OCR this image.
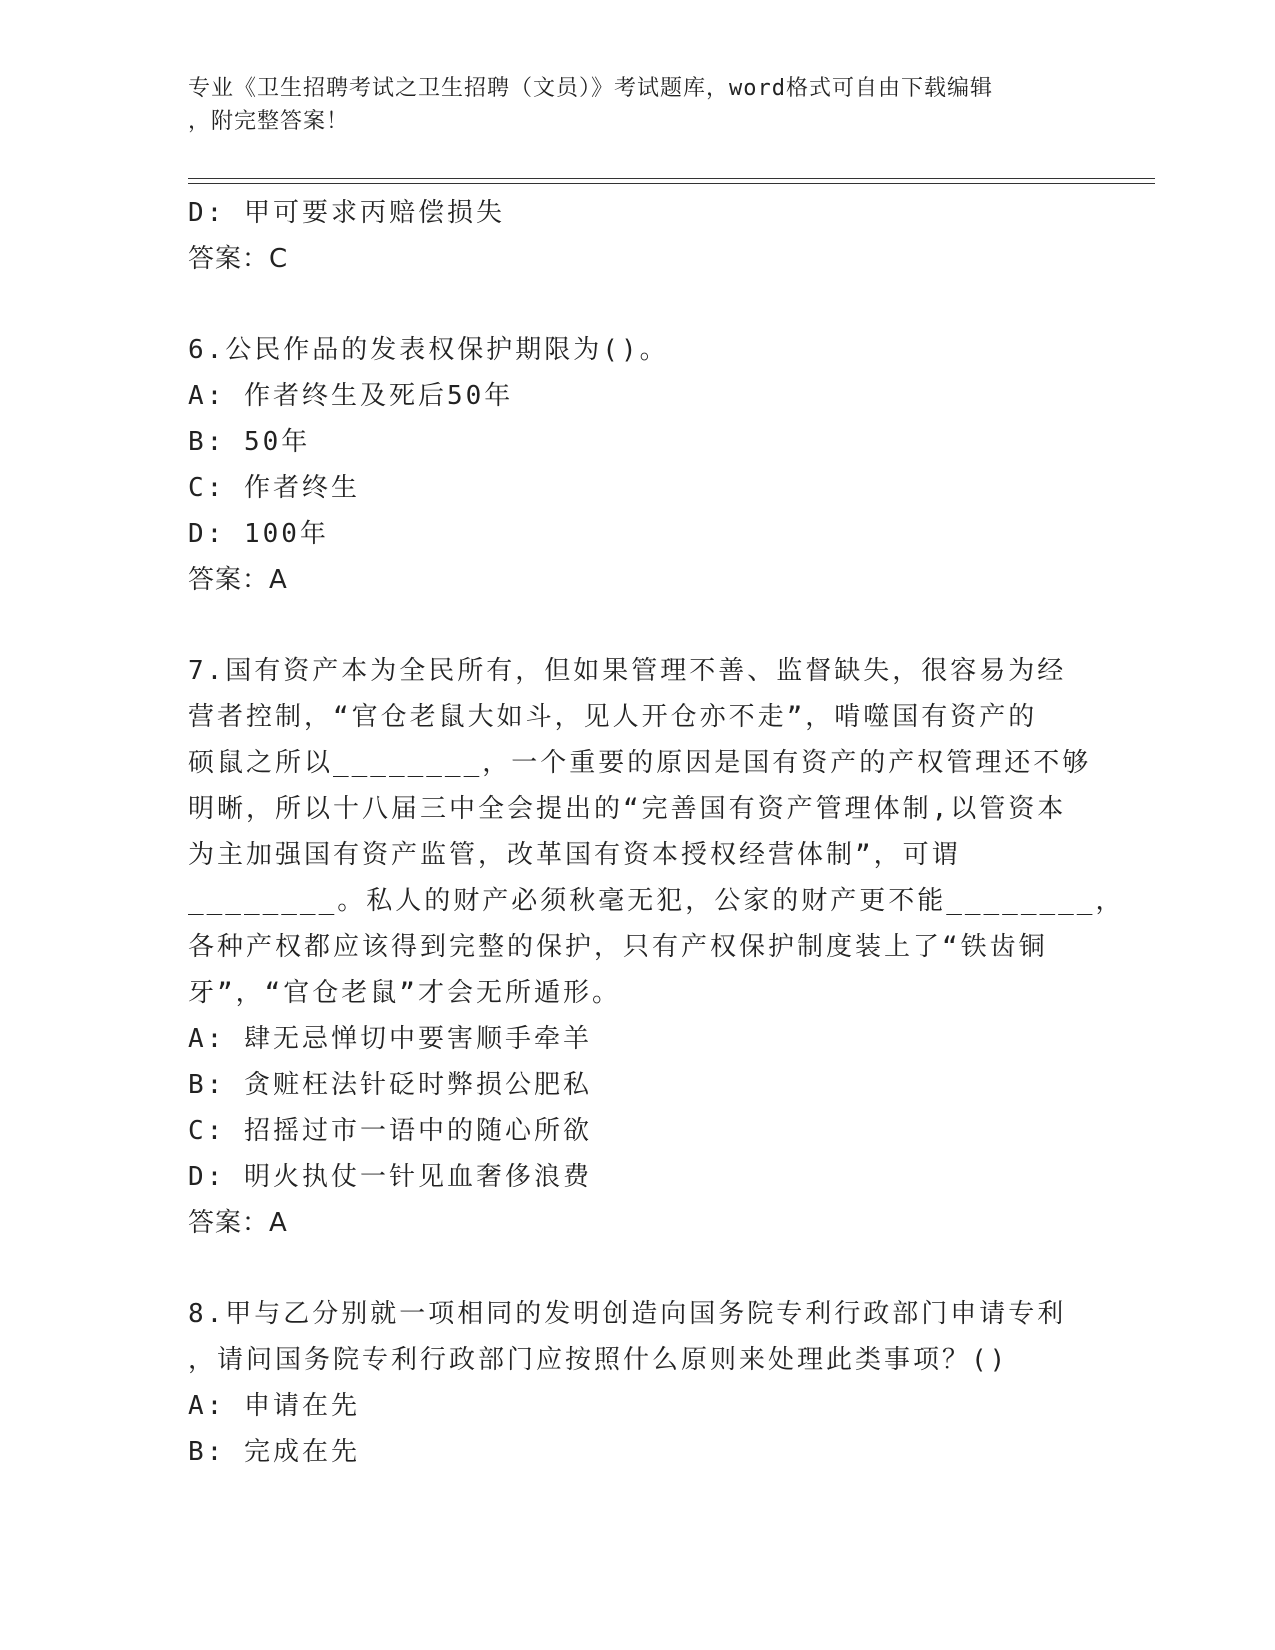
专业《卫生招聘考试之卫生招聘（文员）》考试题库，word格式可自由下载编辑
，附完整答案！
D: 甲可要求丙赔偿损失
答案：C
6.公民作品的发表权保护期限为()。
A: 作者终生及死后50年
B: 50年
C: 作者终生
D: 100年
答案：A
7.国有资产本为全民所有，但如果管理不善、监督缺失，很容易为经
营者控制，“官仓老鼠大如斗，见人开仓亦不走”，啃噬国有资产的
硕鼠之所以________，一个重要的原因是国有资产的产权管理还不够
明晰，所以十八届三中全会提出的“完善国有资产管理体制,以管资本
为主加强国有资产监管，改革国有资本授权经营体制”，可谓
________。私人的财产必须秋毫无犯，公家的财产更不能________，
各种产权都应该得到完整的保护，只有产权保护制度装上了“铁齿铜
牙”，“官仓老鼠”才会无所遁形。
A: 肆无忌惮切中要害顺手牵羊
B: 贪赃枉法针砭时弊损公肥私
C: 招摇过市一语中的随心所欲
D: 明火执仗一针见血奢侈浪费
答案：A
8.甲与乙分别就一项相同的发明创造向国务院专利行政部门申请专利
，请问国务院专利行政部门应按照什么原则来处理此类事项？()
A: 申请在先
B: 完成在先
